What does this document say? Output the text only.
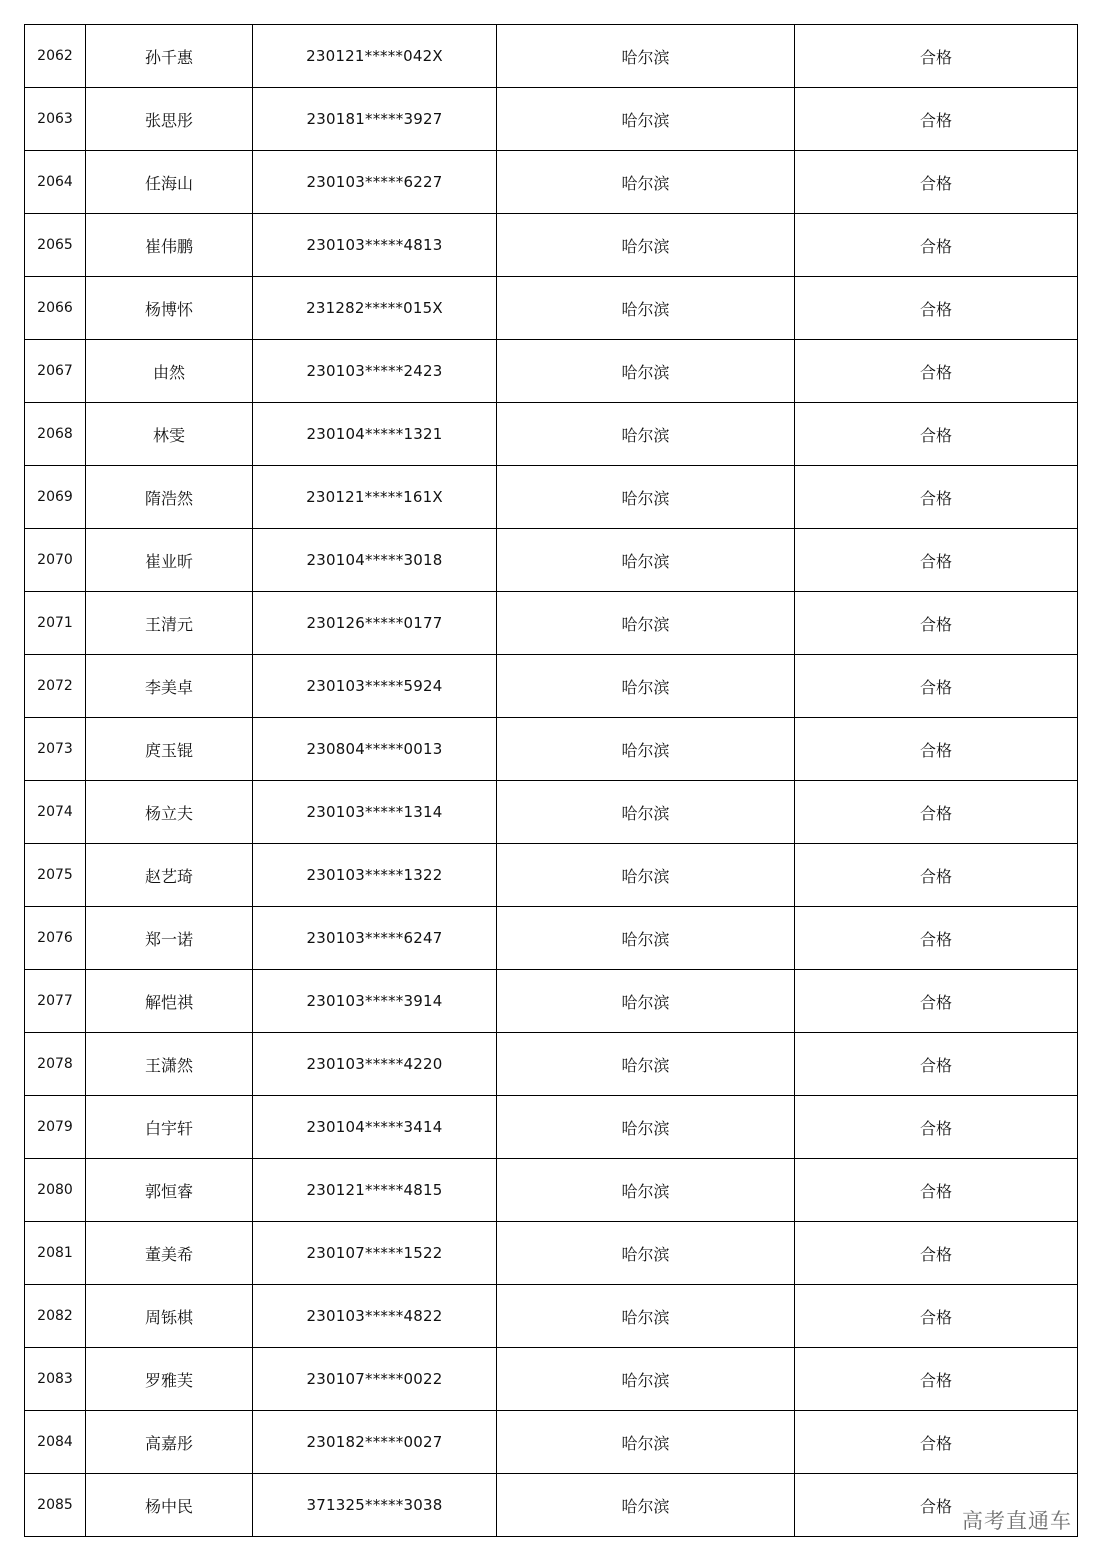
2062	孙千惠	230121*****042X	哈尔滨	合格
2063	张思彤	230181*****3927	哈尔滨	合格
2064	任海山	230103*****6227	哈尔滨	合格
2065	崔伟鹏	230103*****4813	哈尔滨	合格
2066	杨博怀	231282*****015X	哈尔滨	合格
2067	由然	230103*****2423	哈尔滨	合格
2068	林雯	230104*****1321	哈尔滨	合格
2069	隋浩然	230121*****161X	哈尔滨	合格
2070	崔业昕	230104*****3018	哈尔滨	合格
2071	王清元	230126*****0177	哈尔滨	合格
2072	李美卓	230103*****5924	哈尔滨	合格
2073	庹玉锟	230804*****0013	哈尔滨	合格
2074	杨立夫	230103*****1314	哈尔滨	合格
2075	赵艺琦	230103*****1322	哈尔滨	合格
2076	郑一诺	230103*****6247	哈尔滨	合格
2077	解恺祺	230103*****3914	哈尔滨	合格
2078	王潇然	230103*****4220	哈尔滨	合格
2079	白宇轩	230104*****3414	哈尔滨	合格
2080	郭恒睿	230121*****4815	哈尔滨	合格
2081	董美希	230107*****1522	哈尔滨	合格
2082	周铄棋	230103*****4822	哈尔滨	合格
2083	罗雅芙	230107*****0022	哈尔滨	合格
2084	高嘉彤	230182*****0027	哈尔滨	合格
2085	杨中民	371325*****3038	哈尔滨	合格
高考直通车
